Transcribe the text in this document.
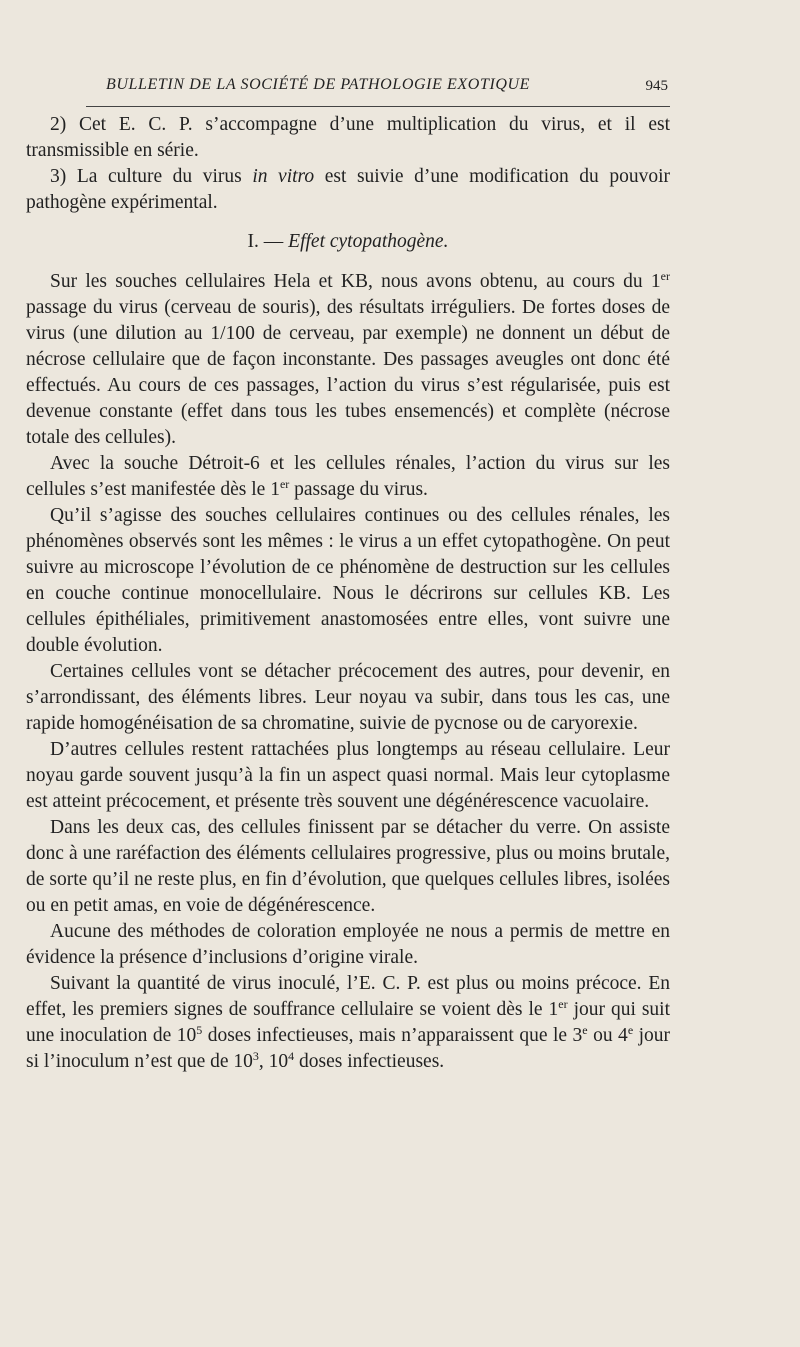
BULLETIN DE LA SOCIÉTÉ DE PATHOLOGIE EXOTIQUE	945

2) Cet E. C. P. s’accompagne d’une multiplication du virus, et il est transmissible en série.

3) La culture du virus in vitro est suivie d’une modification du pouvoir pathogène expérimental.

I. — Effet cytopathogène.

Sur les souches cellulaires Hela et KB, nous avons obtenu, au cours du 1er passage du virus (cerveau de souris), des résultats irréguliers. De fortes doses de virus (une dilution au 1/100 de cerveau, par exemple) ne donnent un début de nécrose cellulaire que de façon inconstante. Des passages aveugles ont donc été effectués. Au cours de ces passages, l’action du virus s’est régularisée, puis est devenue constante (effet dans tous les tubes ensemencés) et complète (nécrose totale des cellules).

Avec la souche Détroit-6 et les cellules rénales, l’action du virus sur les cellules s’est manifestée dès le 1er passage du virus.

Qu’il s’agisse des souches cellulaires continues ou des cellules rénales, les phénomènes observés sont les mêmes : le virus a un effet cytopathogène. On peut suivre au microscope l’évolution de ce phénomène de destruction sur les cellules en couche continue monocellulaire. Nous le décrirons sur cellules KB. Les cellules épithéliales, primitivement anastomosées entre elles, vont suivre une double évolution.

Certaines cellules vont se détacher précocement des autres, pour devenir, en s’arrondissant, des éléments libres. Leur noyau va subir, dans tous les cas, une rapide homogénéisation de sa chromatine, suivie de pycnose ou de caryorexie.

D’autres cellules restent rattachées plus longtemps au réseau cellulaire. Leur noyau garde souvent jusqu’à la fin un aspect quasi normal. Mais leur cytoplasme est atteint précocement, et présente très souvent une dégénérescence vacuolaire.

Dans les deux cas, des cellules finissent par se détacher du verre. On assiste donc à une raréfaction des éléments cellulaires progressive, plus ou moins brutale, de sorte qu’il ne reste plus, en fin d’évolution, que quelques cellules libres, isolées ou en petit amas, en voie de dégénérescence.

Aucune des méthodes de coloration employée ne nous a permis de mettre en évidence la présence d’inclusions d’origine virale.

Suivant la quantité de virus inoculé, l’E. C. P. est plus ou moins précoce. En effet, les premiers signes de souffrance cellulaire se voient dès le 1er jour qui suit une inoculation de $10^5$ doses infectieuses, mais n’apparaissent que le 3e ou 4e jour si l’inoculum n’est que de $10^3$, $10^4$ doses infectieuses.
